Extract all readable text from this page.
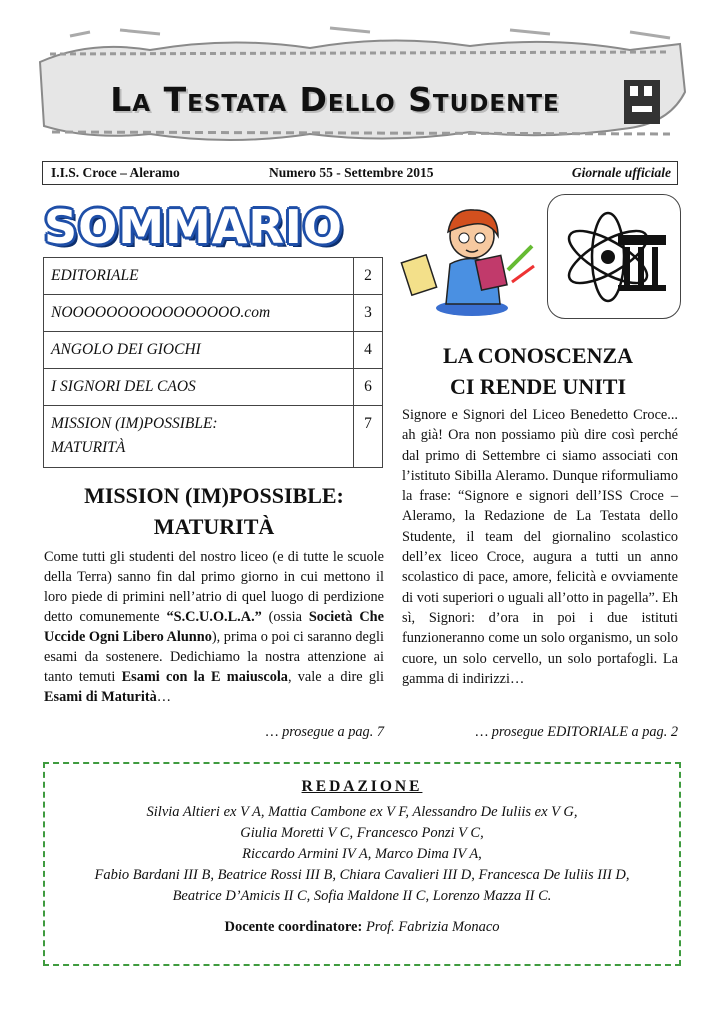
La Testata Dello Studente
I.I.S. Croce – Aleramo	Numero 55 - Settembre 2015	Giornale ufficiale
SOMMARIO
EDITORIALE	2
NOOOOOOOOOOOOOOOO.com	3
ANGOLO DEI GIOCHI	4
I SIGNORI DEL CAOS	6
MISSION (IM)POSSIBLE:
MATURITÀ	7
MISSION (IM)POSSIBLE:
MATURITÀ
Come tutti gli studenti del nostro liceo (e di tutte le scuole della Terra) sanno fin dal primo giorno in cui mettono il loro piede di primini nell’atrio di quel luogo di perdizione detto comunemente “S.C.U.O.L.A.” (ossia Società Che Uccide Ogni Libero Alunno), prima o poi ci saranno degli esami da sostenere. Dedichiamo la nostra attenzione ai tanto temuti Esami con la E maiuscola, vale a dire gli Esami di Maturità…
… prosegue a pag. 7
LA CONOSCENZA
CI RENDE UNITI
Signore e Signori del Liceo Benedetto Croce... ah già! Ora non possiamo più dire così perché dal primo di Settembre ci siamo associati con l’istituto Sibilla Aleramo. Dunque riformuliamo la frase: “Signore e signori dell’ISS Croce – Aleramo, la Redazione de La Testata dello Studente, il team del giornalino scolastico dell’ex liceo Croce, augura a tutti un anno scolastico di pace, amore, felicità e ovviamente di voti superiori o uguali all’otto in pagella”. Eh sì, Signori: d’ora in poi i due istituti funzioneranno come un solo organismo, un solo cuore, un solo cervello, un solo portafogli. La gamma di indirizzi…
… prosegue EDITORIALE a pag. 2
REDAZIONE
Silvia Altieri ex V A, Mattia Cambone ex V F, Alessandro De Iuliis ex V G,
Giulia Moretti V C, Francesco Ponzi V C,
Riccardo Armini IV A, Marco Dima IV A,
Fabio Bardani III B, Beatrice Rossi III B, Chiara Cavalieri III D, Francesca De Iuliis III D,
Beatrice D’Amicis II C, Sofia Maldone II C, Lorenzo Mazza II C.
Docente coordinatore: Prof. Fabrizia Monaco
